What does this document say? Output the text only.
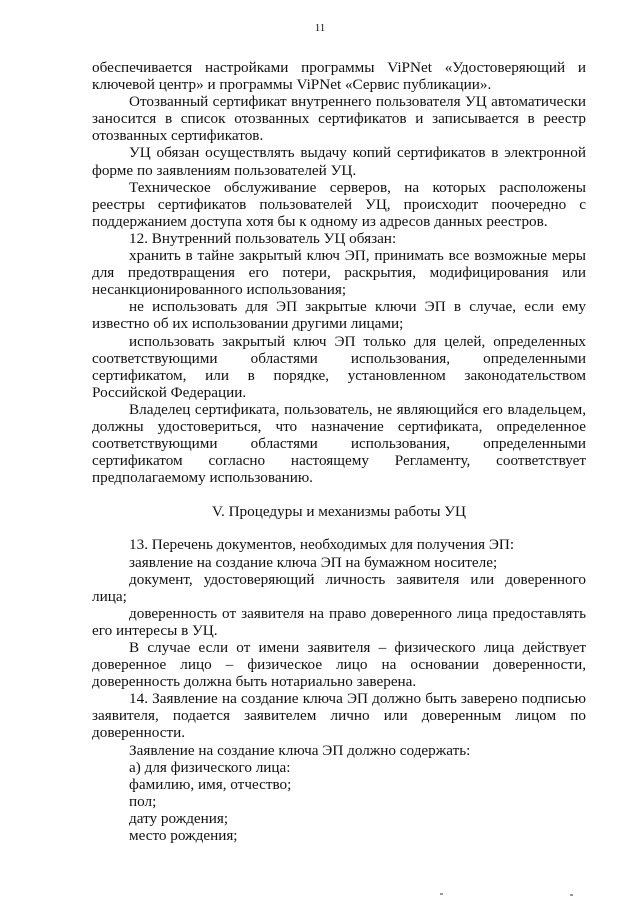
11

обеспечивается настройками программы ViPNet «Удостоверяющий и ключевой центр» и программы ViPNet «Сервис публикации».

Отозванный сертификат внутреннего пользователя УЦ автоматически заносится в список отозванных сертификатов и записывается в реестр отозванных сертификатов.

УЦ обязан осуществлять выдачу копий сертификатов в электронной форме по заявлениям пользователей УЦ.

Техническое обслуживание серверов, на которых расположены реестры сертификатов пользователей УЦ, происходит поочередно с поддержанием доступа хотя бы к одному из адресов данных реестров.

12. Внутренний пользователь УЦ обязан:

хранить в тайне закрытый ключ ЭП, принимать все возможные меры для предотвращения его потери, раскрытия, модифицирования или несанкционированного использования;

не использовать для ЭП закрытые ключи ЭП в случае, если ему известно об их использовании другими лицами;

использовать закрытый ключ ЭП только для целей, определенных соответствующими областями использования, определенными сертификатом, или в порядке, установленном законодательством Российской Федерации.

Владелец сертификата, пользователь, не являющийся его владельцем, должны удостовериться, что назначение сертификата, определенное соответствующими областями использования, определенными сертификатом согласно настоящему Регламенту, соответствует предполагаемому использованию.

V. Процедуры и механизмы работы УЦ

13. Перечень документов, необходимых для получения ЭП:

заявление на создание ключа ЭП на бумажном носителе;

документ, удостоверяющий личность заявителя или доверенного лица;

доверенность от заявителя на право доверенного лица предоставлять его интересы в УЦ.

В случае если от имени заявителя – физического лица действует доверенное лицо – физическое лицо на основании доверенности, доверенность должна быть нотариально заверена.

14. Заявление на создание ключа ЭП должно быть заверено подписью заявителя, подается заявителем лично или доверенным лицом по доверенности.

Заявление на создание ключа ЭП должно содержать:

а) для физического лица:

фамилию, имя, отчество;

пол;

дату рождения;

место рождения;
